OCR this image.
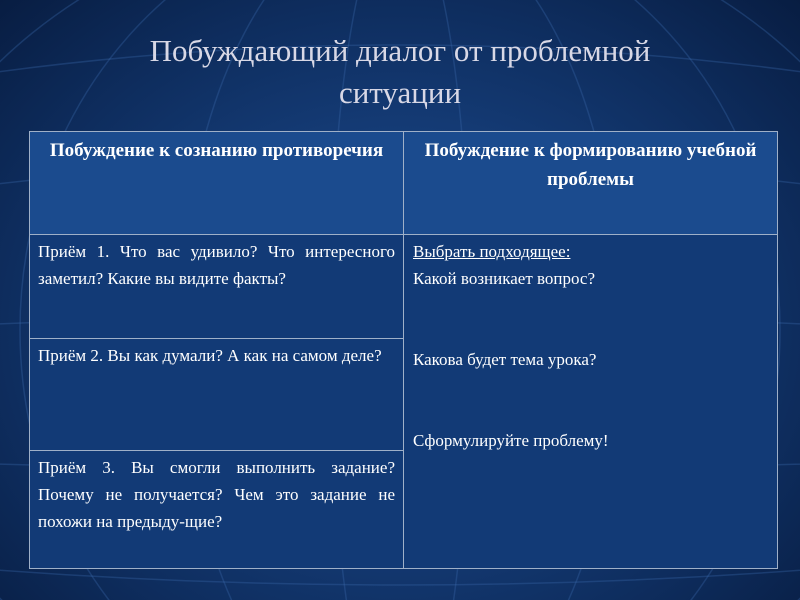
Побуждающий диалог от проблемной
ситуации
Побуждение к сознанию противоречия	Побуждение к формированию учебной проблемы

Приём 1. Что вас удивило? Что интересного заметил? Какие вы видите факты?	Выбрать подходящее:
Какой возникает вопрос?
Какова будет тема урока?
Сформулируйте проблему!

Приём 2. Вы как думали? А как на самом деле?	

Приём 3. Вы смогли выполнить задание? Почему не получается? Чем это задание не похожи на предыду-щие?	
